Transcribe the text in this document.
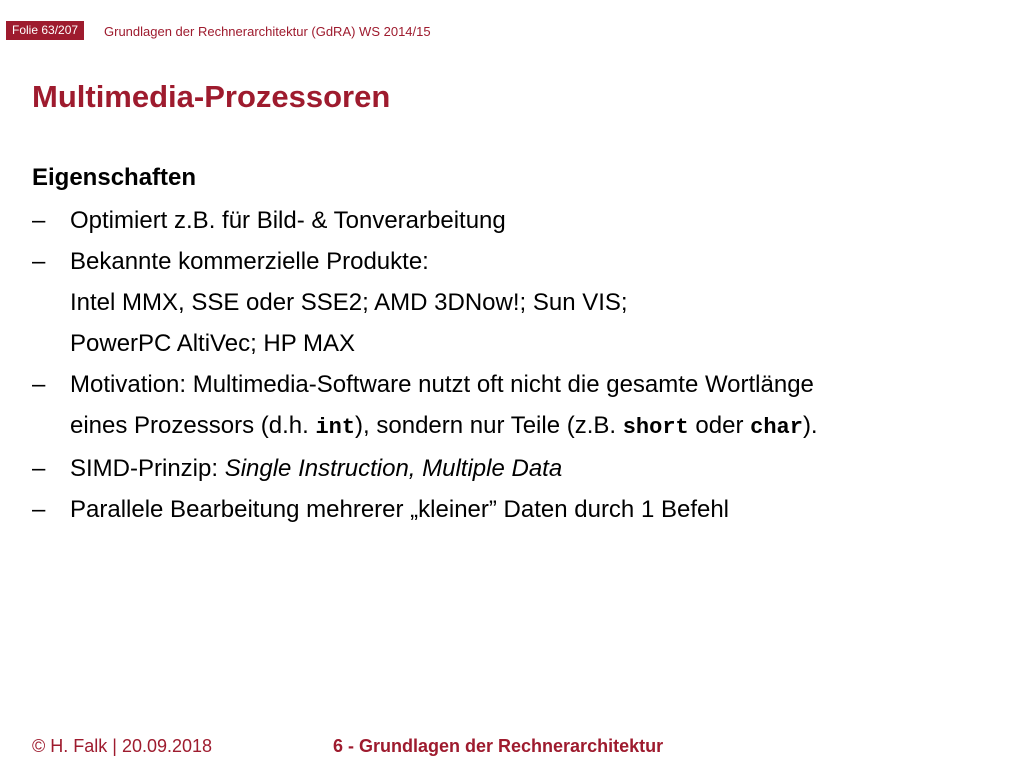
Folie 63/207	Grundlagen der Rechnerarchitektur (GdRA) WS 2014/15
Multimedia-Prozessoren
Eigenschaften
– Optimiert z.B. für Bild- & Tonverarbeitung
– Bekannte kommerzielle Produkte:
Intel MMX, SSE oder SSE2; AMD 3DNow!; Sun VIS;
PowerPC AltiVec; HP MAX
– Motivation: Multimedia-Software nutzt oft nicht die gesamte Wortlänge
eines Prozessors (d.h. int), sondern nur Teile (z.B. short oder char).
– SIMD-Prinzip: Single Instruction, Multiple Data
– Parallele Bearbeitung mehrerer „kleiner” Daten durch 1 Befehl
© H. Falk | 20.09.2018	6 - Grundlagen der Rechnerarchitektur
